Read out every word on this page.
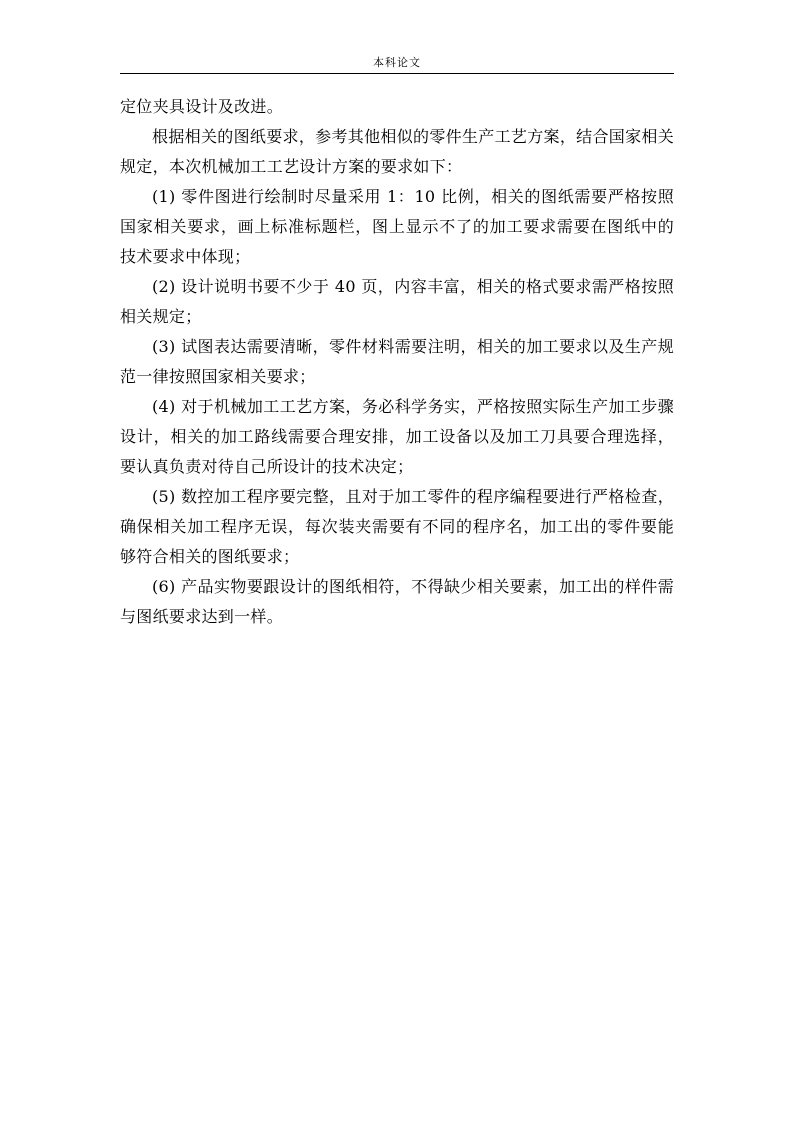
本科论文

定位夹具设计及改进。

根据相关的图纸要求，参考其他相似的零件生产工艺方案，结合国家相关规定，本次机械加工工艺设计方案的要求如下：

(1) 零件图进行绘制时尽量采用 1：10 比例，相关的图纸需要严格按照国家相关要求，画上标准标题栏，图上显示不了的加工要求需要在图纸中的技术要求中体现；

(2) 设计说明书要不少于 40 页，内容丰富，相关的格式要求需严格按照相关规定；

(3) 试图表达需要清晰，零件材料需要注明，相关的加工要求以及生产规范一律按照国家相关要求；

(4) 对于机械加工工艺方案，务必科学务实，严格按照实际生产加工步骤设计，相关的加工路线需要合理安排，加工设备以及加工刀具要合理选择，要认真负责对待自己所设计的技术决定；

(5) 数控加工程序要完整，且对于加工零件的程序编程要进行严格检查，确保相关加工程序无误，每次装夹需要有不同的程序名，加工出的零件要能够符合相关的图纸要求；

(6) 产品实物要跟设计的图纸相符，不得缺少相关要素，加工出的样件需与图纸要求达到一样。
